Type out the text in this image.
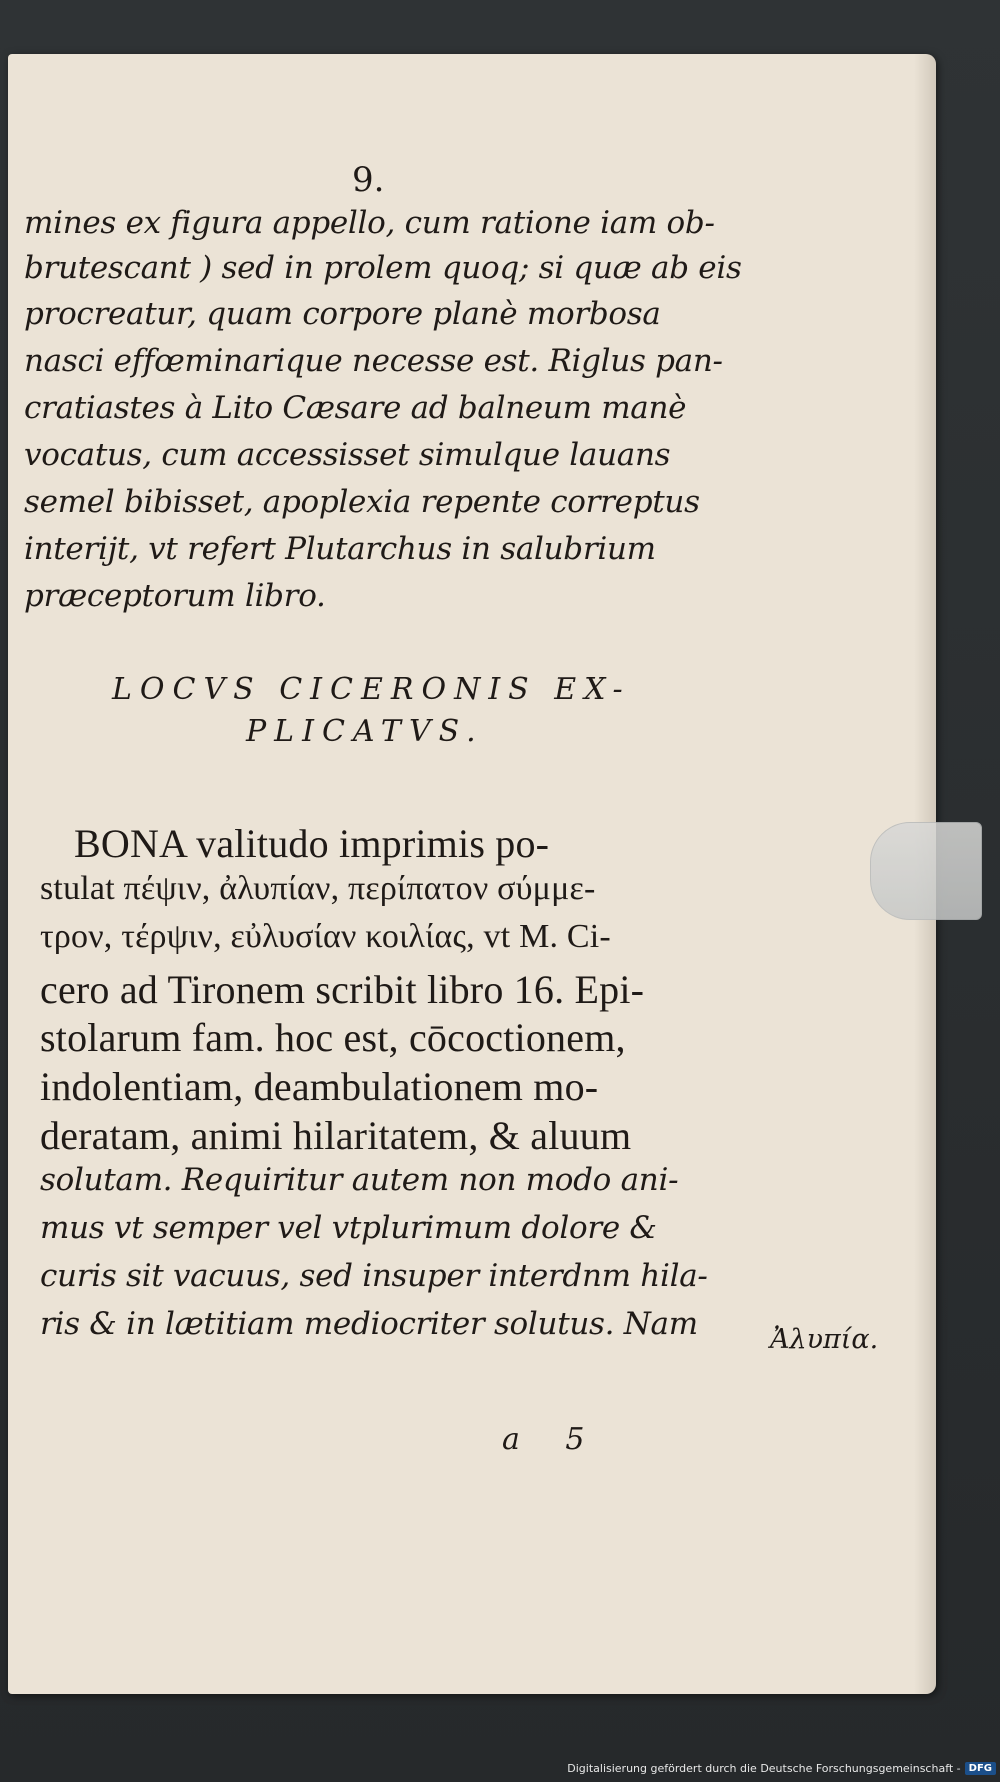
9.
mines ex figura appello, cum ratione iam ob-
brutescant ) sed in prolem quoq; si quæ ab eis
procreatur, quam corpore planè morbosa
nasci effœminarique necesse est. Riglus pan-
cratiastes à Lito Cæsare ad balneum manè
vocatus, cum accessisset simulque lauans
semel bibisset, apoplexia repente correptus
interijt, vt refert Plutarchus in salubrium
præceptorum libro.
LOCVS CICERONIS EX-
PLICATVS.
BONA valitudo imprimis po-
stulat πέψιν, ἀλυπίαν, περίπατον σύμμε-
τρον, τέρψιν, εὐλυσίαν κοιλίας, vt M. Ci-
cero ad Tironem scribit libro 16. Epi-
stolarum fam. hoc est, cōcoctionem,
indolentiam, deambulationem mo-
deratam, animi hilaritatem, & aluum
solutam. Requiritur autem non modo ani-
mus vt semper vel vtplurimum dolore &
curis sit vacuus, sed insuper interdnm hila-
ris & in lætitiam mediocriter solutus. Nam	Ἀλυπία.
a 5
Digitalisierung gefördert durch die Deutsche Forschungsgemeinschaft - DFG
